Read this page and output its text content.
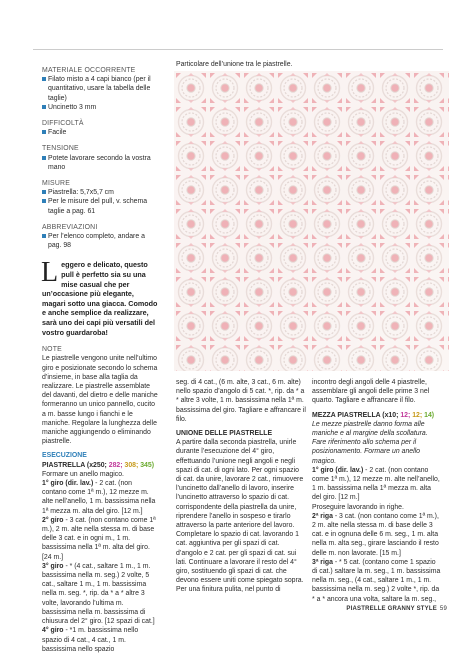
MATERIALE OCCORRENTE
Filato misto a 4 capi bianco (per il quantitativo, usare la tabella delle taglie)
Uncinetto 3 mm
DIFFICOLTÀ
Facile
TENSIONE
Potete lavorare secondo la vostra mano
MISURE
Piastrella: 5,7x5,7 cm
Per le misure del pull, v. schema taglie a pag. 61
ABBREVIAZIONI
Per l’elenco completo, andare a pag. 98
Leggero e delicato, questo pull è perfetto sia su una mise casual che per un’occasione più elegante, magari sotto una giacca. Comodo e anche semplice da realizzare, sarà uno dei capi più versatili del vostro guardaroba!
NOTE
Le piastrelle vengono unite nell’ultimo giro e posizionate secondo lo schema d’insieme, in base alla taglia da realizzare. Le piastrelle assemblate del davanti, del dietro e delle maniche formeranno un unico pannello, cucito a m. basse lungo i fianchi e le maniche. Regolare la lunghezza delle maniche aggiungendo o eliminando piastrelle.
ESECUZIONE
PIASTRELLA (x250; 282; 308; 345)
Formare un anello magico.
1° giro (dir. lav.) - 2 cat. (non contano come 1ª m.), 12 mezze m. alte nell’anello, 1 m. bassissima nella 1ª mezza m. alta del giro. [12 m.]
2° giro - 3 cat. (non contano come 1ª m.), 2 m. alte nella stessa m. di base delle 3 cat. e in ogni m., 1 m. bassissima nella 1ª m. alta del giro. [24 m.]
3° giro - * (4 cat., saltare 1 m., 1 m. bassissima nella m. seg.) 2 volte, 5 cat., saltare 1 m., 1 m. bassissima nella m. seg. *, rip. da * a * altre 3 volte, lavorando l’ultima m. bassissima nella m. bassissima di chiusura del 2° giro. [12 spazi di cat.]
4° giro - *1 m. bassissima nello spazio di 4 cat., 4 cat., 1 m. bassissima nello spazio
Particolare dell’unione tra le piastrelle.
seg. di 4 cat., (6 m. alte, 3 cat., 6 m. alte) nello spazio d’angolo di 5 cat. *, rip. da * a * altre 3 volte, 1 m. bassissima nella 1ª m. bassissima del giro. Tagliare e affrancare il filo.
UNIONE DELLE PIASTRELLE
A partire dalla seconda piastrella, unirle durante l’esecuzione del 4° giro, effettuando l’unione negli angoli e negli spazi di cat. di ogni lato. Per ogni spazio di cat. da unire, lavorare 2 cat., rimuovere l’uncinetto dall’anello di lavoro, inserire l’uncinetto attraverso lo spazio di cat. corrispondente della piastrella da unire, riprendere l’anello in sospeso e tirarlo attraverso la parte anteriore del lavoro. Completare lo spazio di cat. lavorando 1 cat. aggiuntiva per gli spazi di cat. d’angolo e 2 cat. per gli spazi di cat. sui lati. Continuare a lavorare il resto del 4° giro, sostituendo gli spazi di cat. che devono essere uniti come spiegato sopra. Per una finitura pulita, nel punto di
incontro degli angoli delle 4 piastrelle, assemblare gli angoli delle prime 3 nel quarto. Tagliare e affrancare il filo.
MEZZA PIASTRELLA (x10; 12; 12; 14)
Le mezze piastrelle danno forma alle maniche e al margine della scollatura. Fare riferimento allo schema per il posizionamento. Formare un anello magico.
1° giro (dir. lav.) - 2 cat. (non contano come 1ª m.), 12 mezze m. alte nell’anello, 1 m. bassissima nella 1ª mezza m. alta del giro. [12 m.]
Proseguire lavorando in righe.
2ª riga - 3 cat. (non contano come 1ª m.), 2 m. alte nella stessa m. di base delle 3 cat. e in ognuna delle 6 m. seg., 1 m. alta nella m. alta seg., girare lasciando il resto delle m. non lavorate. [15 m.]
3ª riga - * 5 cat. (contano come 1 spazio di cat.) saltare la m. seg., 1 m. bassissima nella m. seg., (4 cat., saltare 1 m., 1 m. bassissima nella m. seg.) 2 volte *, rip. da * a * ancora una volta, saltare la m. seg.,
PIASTRELLE GRANNY STYLE 59
